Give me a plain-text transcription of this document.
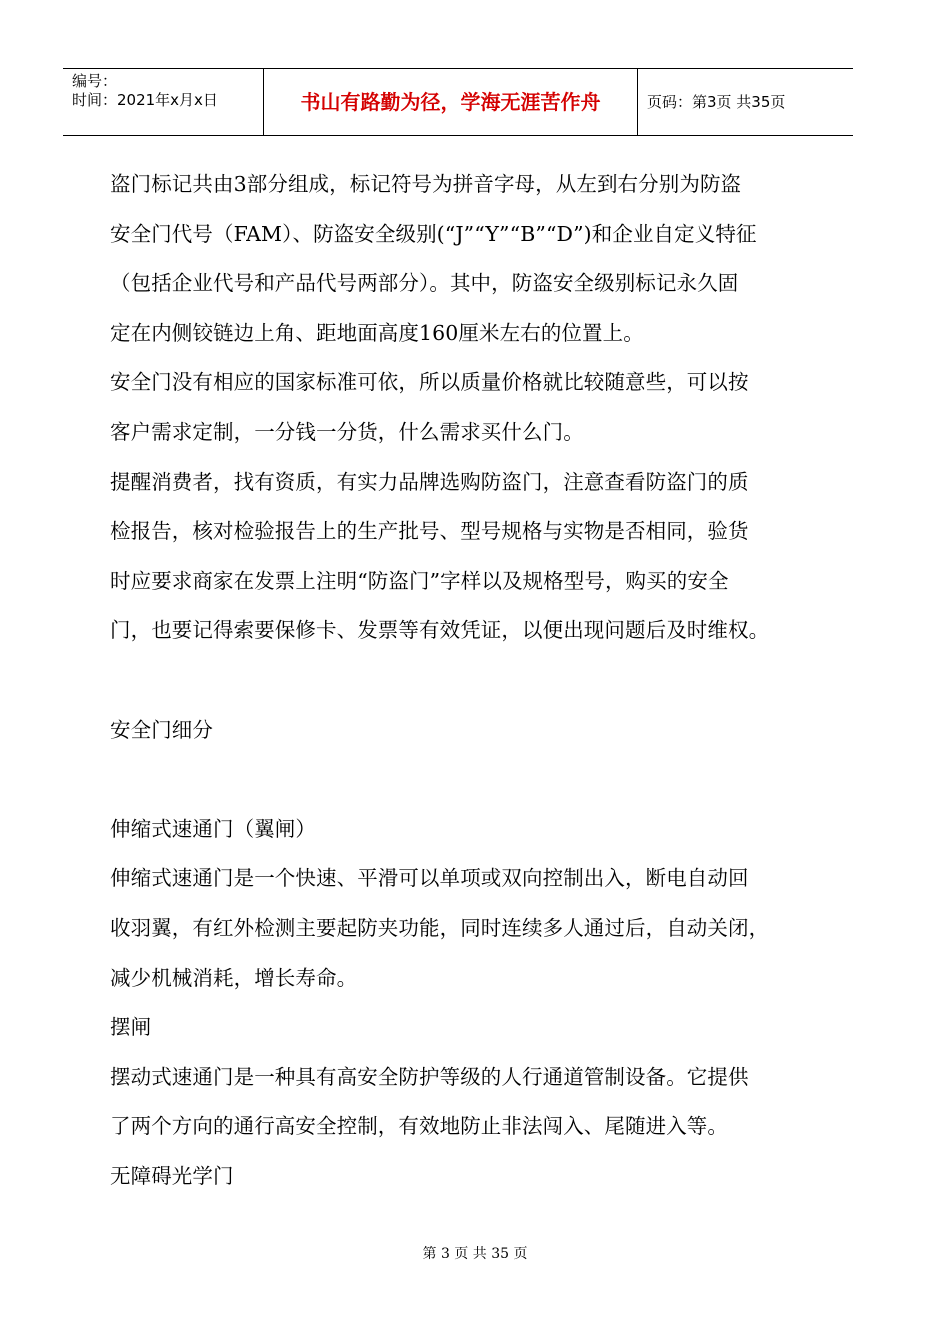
编号：
时间：2021年x月x日	书山有路勤为径，学海无涯苦作舟	页码：第3页 共35页
盗门标记共由3部分组成，标记符号为拼音字母，从左到右分别为防盗
安全门代号（FAM）、防盗安全级别(“J”“Y”“B”“D”)和企业自定义特征
（包括企业代号和产品代号两部分）。其中，防盗安全级别标记永久固
定在内侧铰链边上角、距地面高度160厘米左右的位置上。
安全门没有相应的国家标准可依，所以质量价格就比较随意些，可以按
客户需求定制，一分钱一分货，什么需求买什么门。
提醒消费者，找有资质，有实力品牌选购防盗门，注意查看防盗门的质
检报告，核对检验报告上的生产批号、型号规格与实物是否相同，验货
时应要求商家在发票上注明“防盗门”字样以及规格型号，购买的安全
门，也要记得索要保修卡、发票等有效凭证，以便出现问题后及时维权。
安全门细分
伸缩式速通门（翼闸）
伸缩式速通门是一个快速、平滑可以单项或双向控制出入，断电自动回
收羽翼，有红外检测主要起防夹功能，同时连续多人通过后，自动关闭，
减少机械消耗，增长寿命。
摆闸
摆动式速通门是一种具有高安全防护等级的人行通道管制设备。它提供
了两个方向的通行高安全控制，有效地防止非法闯入、尾随进入等。
无障碍光学门
第 3 页 共 35 页
